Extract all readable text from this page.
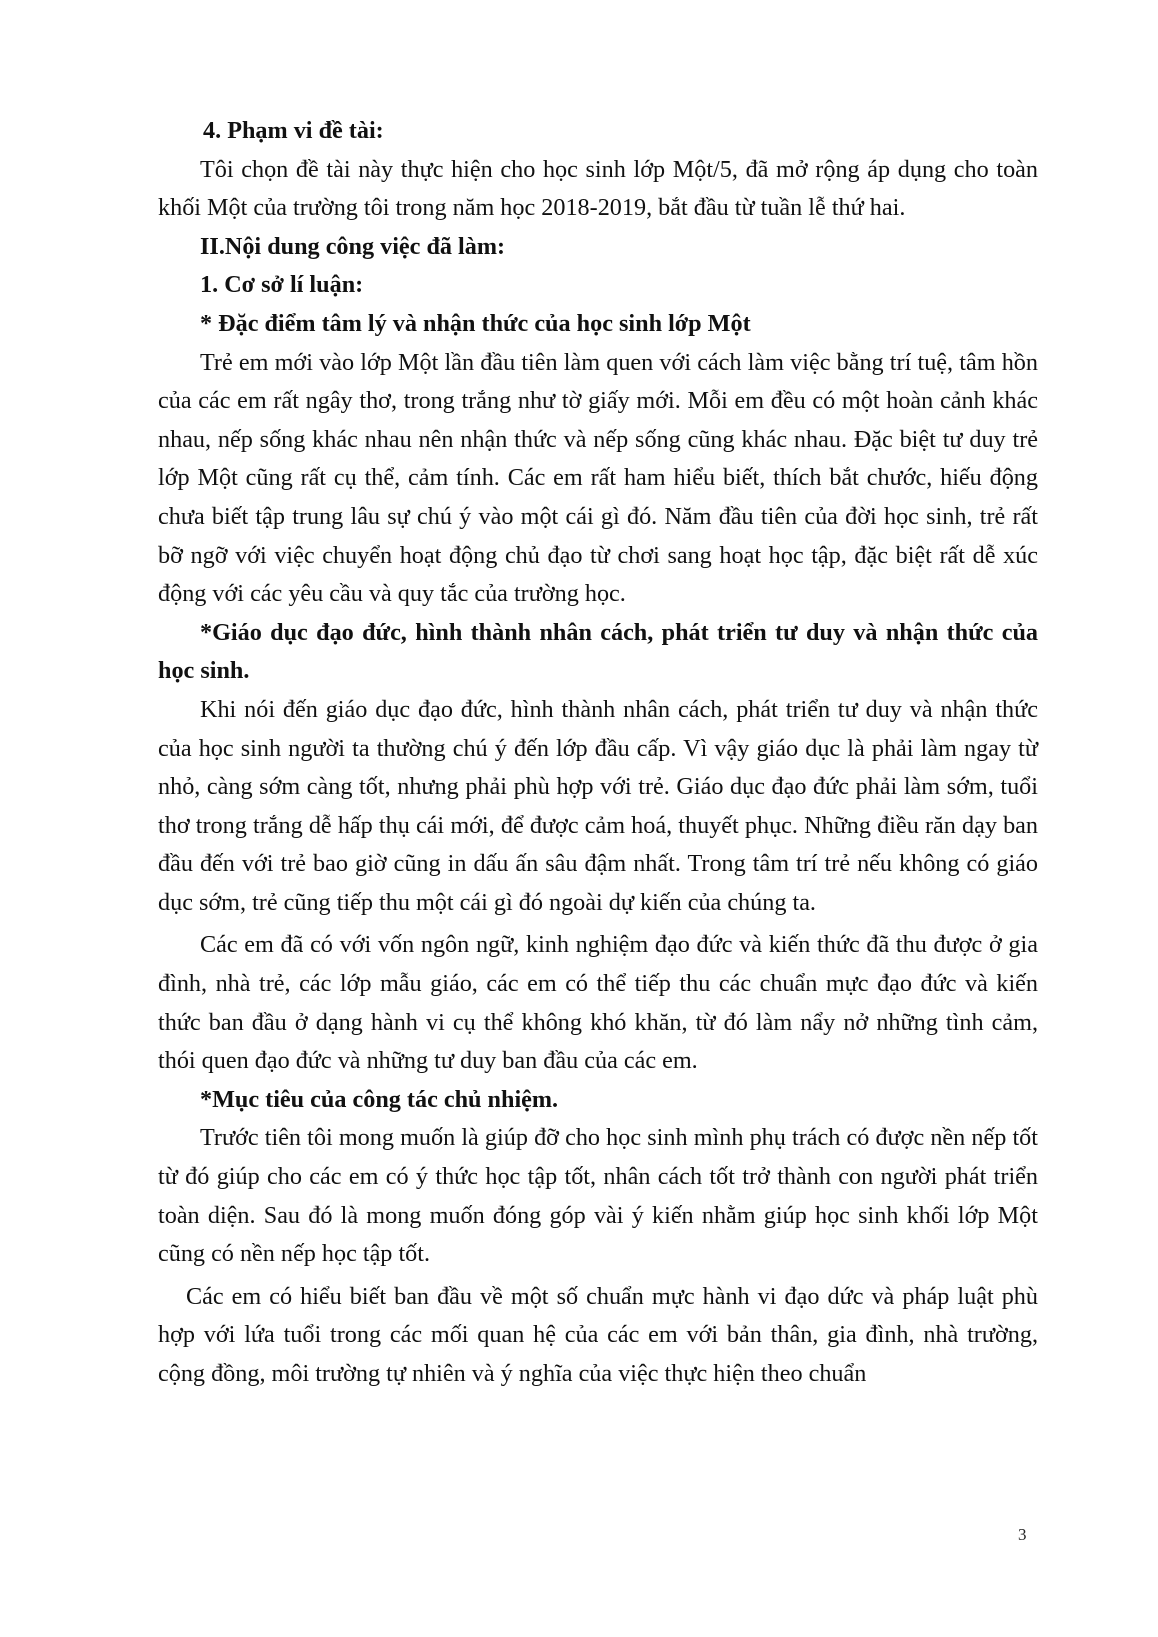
4. Phạm vi đề tài:

Tôi chọn đề tài này thực hiện cho học sinh lớp Một/5, đã mở rộng áp dụng cho toàn khối Một của trường tôi trong năm học 2018-2019, bắt đầu từ tuần lễ thứ hai.

II.Nội dung công việc đã làm:

1. Cơ sở lí luận:

* Đặc điểm tâm lý và nhận thức của học sinh lớp Một

Trẻ em mới vào lớp Một lần đầu tiên làm quen với cách làm việc bằng trí tuệ, tâm hồn của các em rất ngây thơ, trong trắng như tờ giấy mới. Mỗi em đều có một hoàn cảnh khác nhau, nếp sống khác nhau nên nhận thức và nếp sống cũng khác nhau. Đặc biệt tư duy trẻ lớp Một cũng rất cụ thể, cảm tính. Các em rất ham hiểu biết, thích bắt chước, hiếu động chưa biết tập trung lâu sự chú ý vào một cái gì đó. Năm đầu tiên của đời học sinh, trẻ rất bỡ ngỡ với việc chuyển hoạt động chủ đạo từ chơi sang hoạt học tập, đặc biệt rất dễ xúc động với các yêu cầu và quy tắc của trường học.

*Giáo dục đạo đức, hình thành nhân cách, phát triển tư duy và nhận thức của học sinh.

Khi nói đến giáo dục đạo đức, hình thành nhân cách, phát triển tư duy và nhận thức của học sinh người ta thường chú ý đến lớp đầu cấp. Vì vậy giáo dục là phải làm ngay từ nhỏ, càng sớm càng tốt, nhưng phải phù hợp với trẻ. Giáo dục đạo đức phải làm sớm, tuổi thơ trong trắng dễ hấp thụ cái mới, để được cảm hoá, thuyết phục. Những điều răn dạy ban đầu đến với trẻ bao giờ cũng in dấu ấn sâu đậm nhất. Trong tâm trí trẻ nếu không có giáo dục sớm, trẻ cũng tiếp thu một cái gì đó ngoài dự kiến của chúng ta.

Các em đã có với vốn ngôn ngữ, kinh nghiệm đạo đức và kiến thức đã thu được ở gia đình, nhà trẻ, các lớp mẫu giáo, các em có thể tiếp thu các chuẩn mực đạo đức và kiến thức ban đầu ở dạng hành vi cụ thể không khó khăn, từ đó làm nẩy nở những tình cảm, thói quen đạo đức và những tư duy ban đầu của các em.

*Mục tiêu của công tác chủ nhiệm.

Trước tiên tôi mong muốn là giúp đỡ cho học sinh mình phụ trách có được nền nếp tốt từ đó giúp cho các em có ý thức học tập tốt, nhân cách tốt trở thành con người phát triển toàn diện. Sau đó là mong muốn đóng góp vài ý kiến nhằm giúp học sinh khối lớp Một cũng có nền nếp học tập tốt.

Các em có hiểu biết ban đầu về một số chuẩn mực hành vi đạo dức và pháp luật phù hợp với lứa tuổi trong các mối quan hệ của các em với bản thân, gia đình, nhà trường, cộng đồng, môi trường tự nhiên và ý nghĩa của việc thực hiện theo chuẩn

3
